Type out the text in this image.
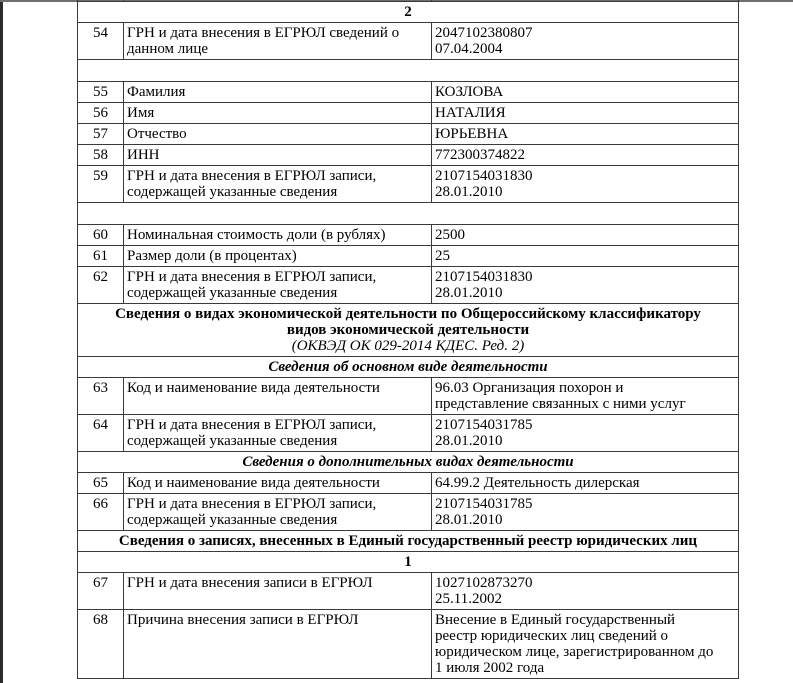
2		
54	ГРН и дата внесения в ЕГРЮЛ сведений о данном лице	2047102380807
07.04.2004

55	Фамилия	КОЗЛОВА
56	Имя	НАТАЛИЯ
57	Отчество	ЮРЬЕВНА
58	ИНН	772300374822
59	ГРН и дата внесения в ЕГРЮЛ записи, содержащей указанные сведения	2107154031830
28.01.2010

60	Номинальная стоимость доли (в рублях)	2500
61	Размер доли (в процентах)	25
62	ГРН и дата внесения в ЕГРЮЛ записи, содержащей указанные сведения	2107154031830
28.01.2010

Сведения о видах экономической деятельности по Общероссийскому классификатору
видов экономической деятельности
(ОКВЭД ОК 029-2014 КДЕС. Ред. 2)		

Сведения об основном виде деятельности		
63	Код и наименование вида деятельности	96.03 Организация похорон и
представление связанных с ними услуг

64	ГРН и дата внесения в ЕГРЮЛ записи, содержащей указанные сведения	2107154031785
28.01.2010

Сведения о дополнительных видах деятельности		
65	Код и наименование вида деятельности	64.99.2 Деятельность дилерская
66	ГРН и дата внесения в ЕГРЮЛ записи, содержащей указанные сведения	2107154031785
28.01.2010

Сведения о записях, внесенных в Единый государственный реестр юридических лиц		
1		
67	ГРН и дата внесения записи в ЕГРЮЛ	1027102873270
25.11.2002

68	Причина внесения записи в ЕГРЮЛ	Внесение в Единый государственный
реестр юридических лиц сведений о
юридическом лице, зарегистрированном до
1 июля 2002 года
